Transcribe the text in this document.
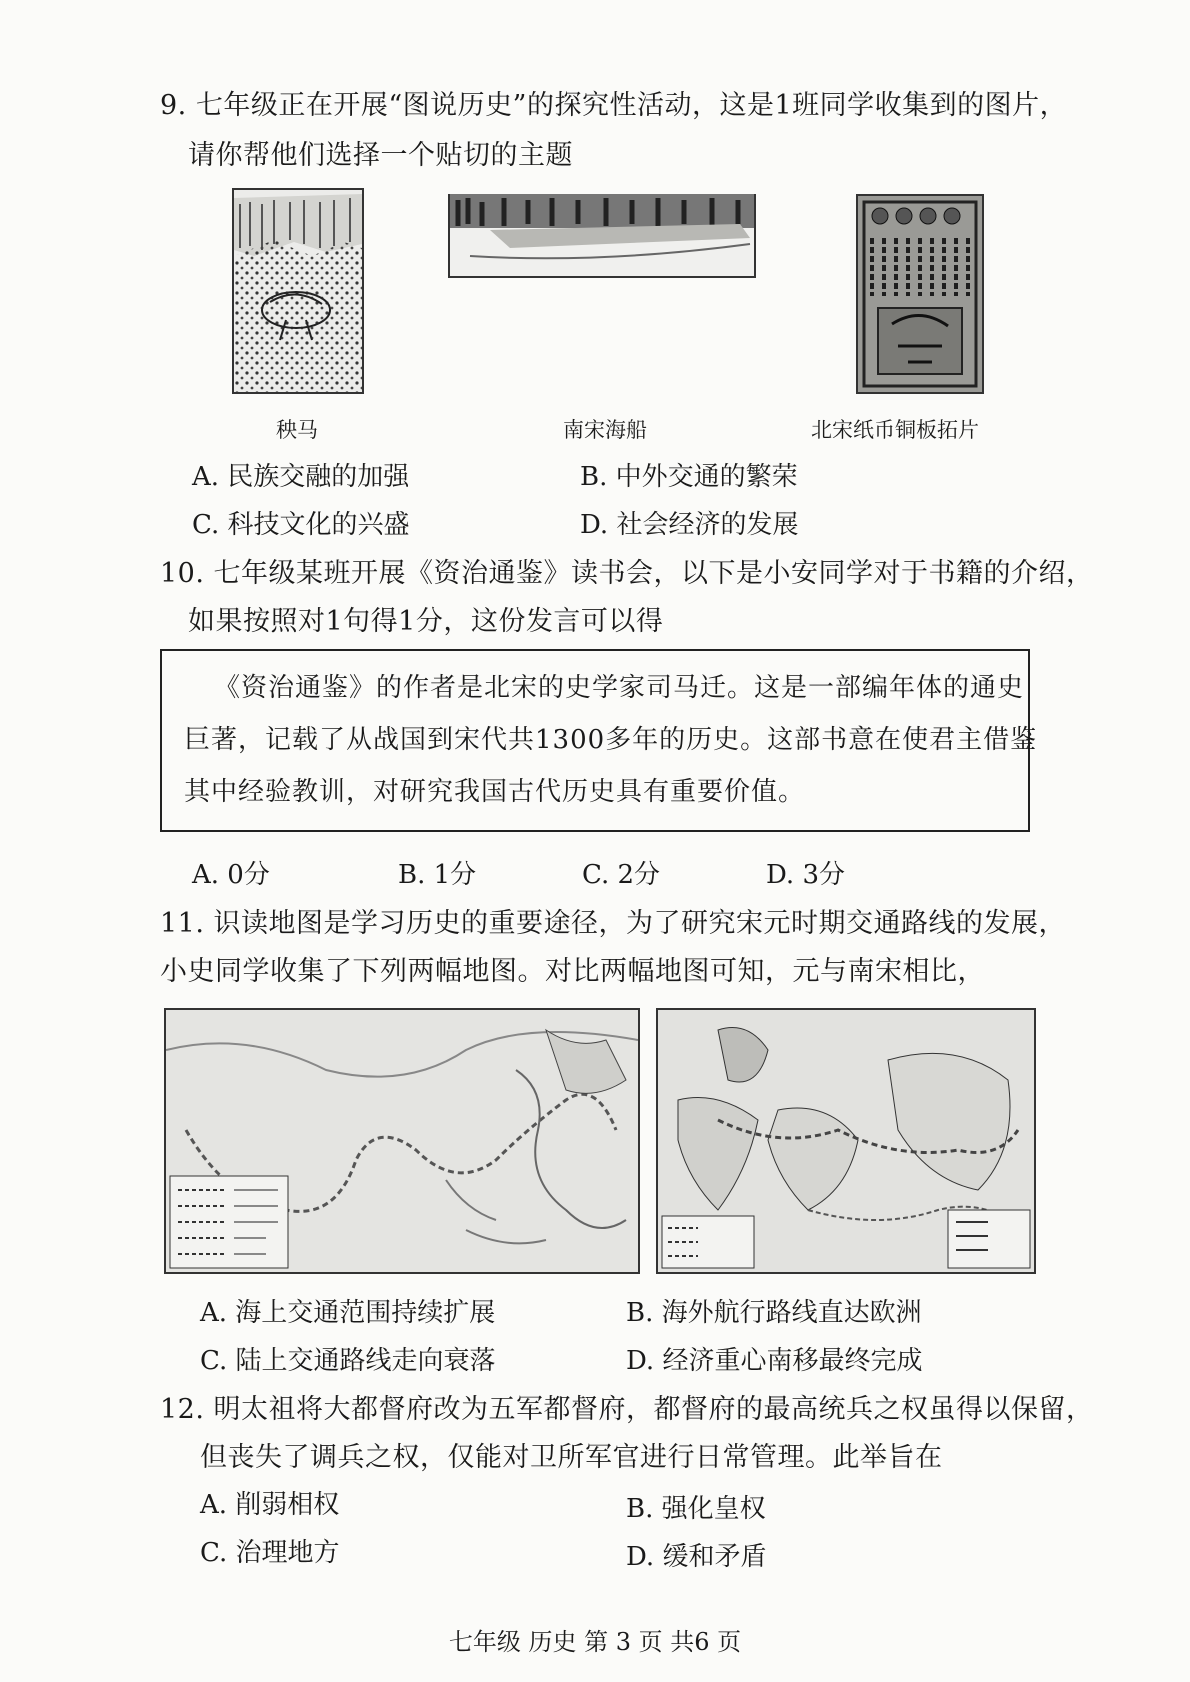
9. 七年级正在开展“图说历史”的探究性活动，这是1班同学收集到的图片，
请你帮他们选择一个贴切的主题
秧马	南宋海船	北宋纸币铜板拓片
A. 民族交融的加强	B. 中外交通的繁荣
C. 科技文化的兴盛	D. 社会经济的发展
10. 七年级某班开展《资治通鉴》读书会，以下是小安同学对于书籍的介绍，
如果按照对1句得1分，这份发言可以得
《资治通鉴》的作者是北宋的史学家司马迁。这是一部编年体的通史
巨著，记载了从战国到宋代共1300多年的历史。这部书意在使君主借鉴
其中经验教训，对研究我国古代历史具有重要价值。
A. 0分	B. 1分	C. 2分	D. 3分
11. 识读地图是学习历史的重要途径，为了研究宋元时期交通路线的发展，
小史同学收集了下列两幅地图。对比两幅地图可知，元与南宋相比，
A. 海上交通范围持续扩展	B. 海外航行路线直达欧洲
C. 陆上交通路线走向衰落	D. 经济重心南移最终完成
12. 明太祖将大都督府改为五军都督府，都督府的最高统兵之权虽得以保留，
但丧失了调兵之权，仅能对卫所军官进行日常管理。此举旨在
A. 削弱相权	B. 强化皇权
C. 治理地方	D. 缓和矛盾
七年级 历史 第 3 页 共6 页
